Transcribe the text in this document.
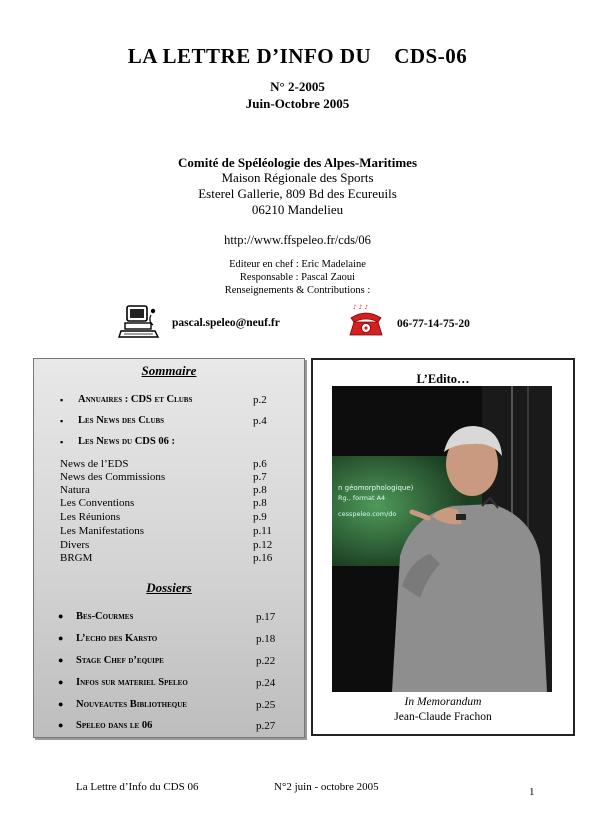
LA LETTRE D’INFO DU    CDS-06
N° 2-2005
Juin-Octobre 2005
Comité de Spéléologie des Alpes-Maritimes
Maison Régionale des Sports
Esterel Gallerie, 809 Bd des Ecureuils
06210 Mandelieu
http://www.ffspeleo.fr/cds/06
Editeur en chef : Eric Madelaine
Responsable : Pascal Zaoui
Renseignements & Contributions :
pascal.speleo@neuf.fr
♪ ♪ ♪
06-77-14-75-20
Sommaire
▪ Annuaires : CDS et Clubs	p.2
▪ Les News des Clubs	p.4
▪ Les News du CDS 06 :
News de l’EDS	p.6
News des Commissions	p.7
Natura	p.8
Les Conventions	p.8
Les Réunions	p.9
Les Manifestations	p.11
Divers	p.12
BRGM	p.16
Dossiers
● Bes-Courmes	p.17
● L’echo des Karsto	p.18
● Stage Chef d’equipe	p.22
● Infos sur materiel Speleo	p.24
● Nouveautes Bibliotheque	p.25
● Speleo dans le 06	p.27
L’Edito…
n géomorphologique)
Rg., format A4
cesspeleo.com/do
In Memorandum
Jean-Claude Frachon
La Lettre d’Info du CDS 06	N°2 juin - octobre 2005	1
